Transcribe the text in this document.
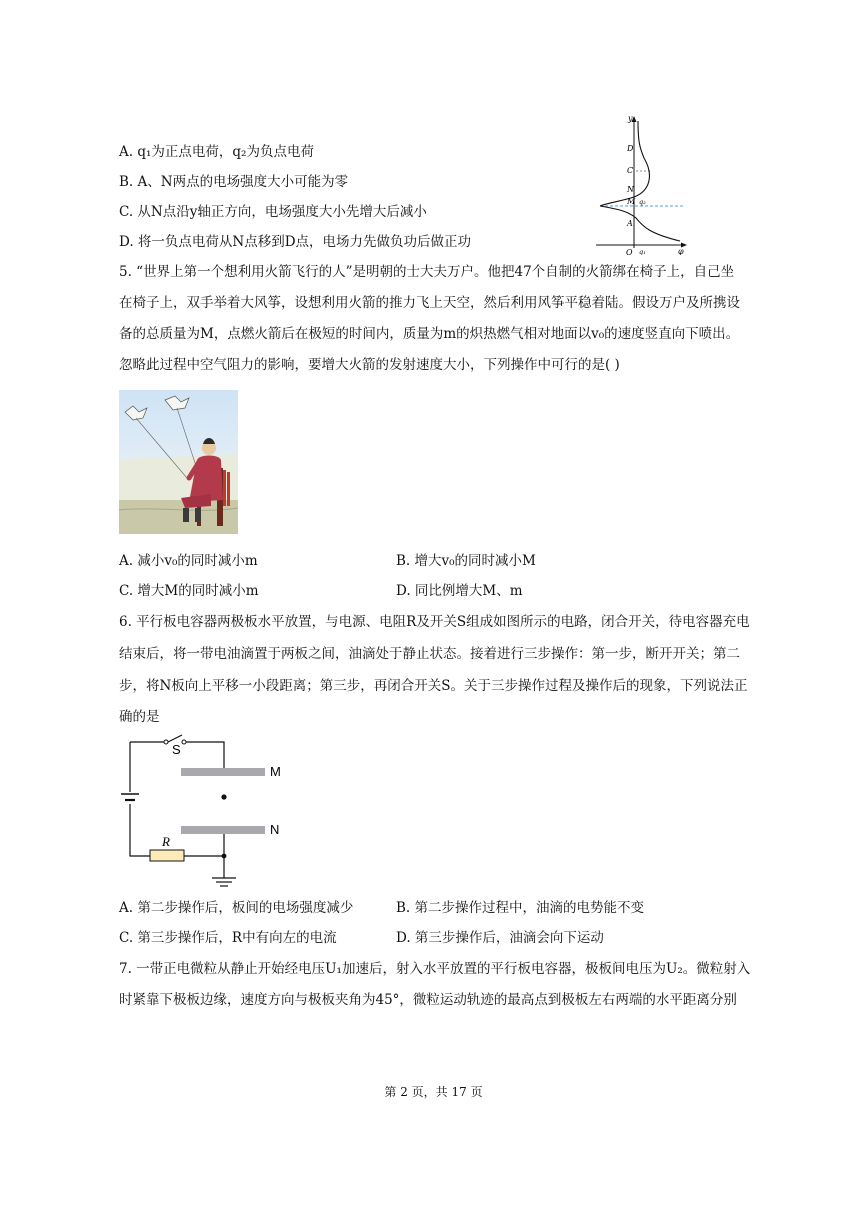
A. q₁为正点电荷，q₂为负点电荷
B. A、N两点的电场强度大小可能为零
C. 从N点沿y轴正方向，电场强度大小先增大后减小
D. 将一负点电荷从N点移到D点，电场力先做负功后做正功
y
φ
O
D
C
N
M
A
q₂
q₁
5. “世界上第一个想利用火箭飞行的人”是明朝的士大夫万户。他把47个自制的火箭绑在椅子上，自己坐
在椅子上，双手举着大风筝，设想利用火箭的推力飞上天空，然后利用风筝平稳着陆。假设万户及所携设
备的总质量为M，点燃火箭后在极短的时间内，质量为m的炽热燃气相对地面以v₀的速度竖直向下喷出。
忽略此过程中空气阻力的影响，要增大火箭的发射速度大小，下列操作中可行的是( )
A. 减小v₀的同时减小m	B. 增大v₀的同时减小M
C. 增大M的同时减小m	D. 同比例增大M、m
6. 平行板电容器两极板水平放置，与电源、电阻R及开关S组成如图所示的电路，闭合开关，待电容器充电
结束后，将一带电油滴置于两板之间，油滴处于静止状态。接着进行三步操作：第一步，断开开关；第二
步，将N板向上平移一小段距离；第三步，再闭合开关S。关于三步操作过程及操作后的现象，下列说法正
确的是
S
M
N
R
A. 第二步操作后，板间的电场强度减少	B. 第二步操作过程中，油滴的电势能不变
C. 第三步操作后，R中有向左的电流	D. 第三步操作后，油滴会向下运动
7. 一带正电微粒从静止开始经电压U₁加速后，射入水平放置的平行板电容器，极板间电压为U₂。微粒射入
时紧靠下极板边缘，速度方向与极板夹角为45°，微粒运动轨迹的最高点到极板左右两端的水平距离分别
第 2 页，共 17 页
